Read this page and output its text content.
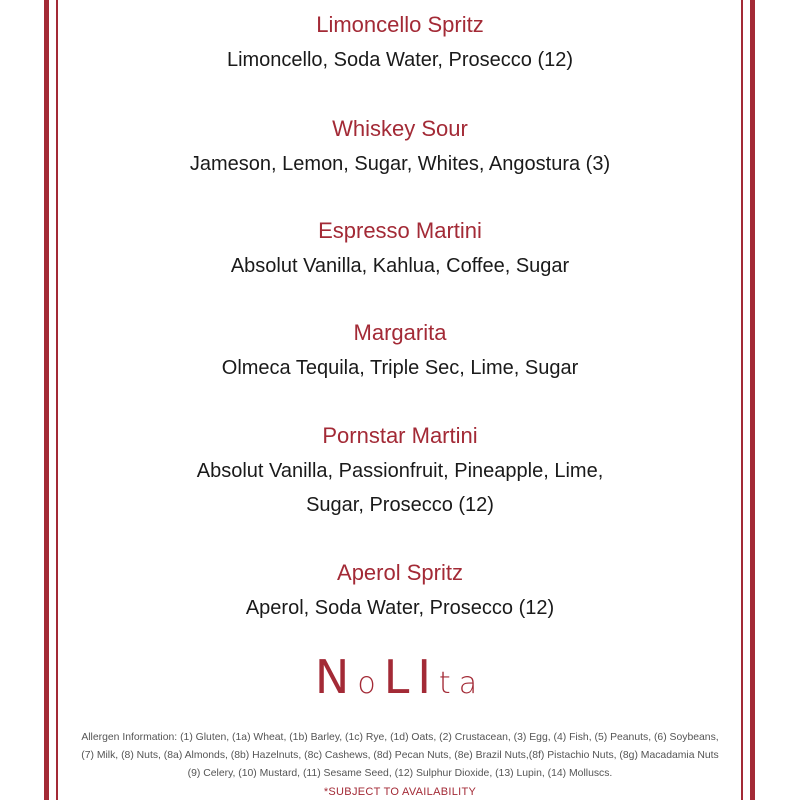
Limoncello Spritz
Limoncello, Soda Water, Prosecco (12)
Whiskey Sour
Jameson, Lemon, Sugar, Whites, Angostura (3)
Espresso Martini
Absolut Vanilla, Kahlua, Coffee, Sugar
Margarita
Olmeca Tequila, Triple Sec, Lime, Sugar
Pornstar Martini
Absolut Vanilla, Passionfruit, Pineapple, Lime,
Sugar, Prosecco (12)
Aperol Spritz
Aperol, Soda Water, Prosecco (12)
NoLIta
Allergen Information: (1) Gluten, (1a) Wheat, (1b) Barley, (1c) Rye, (1d) Oats, (2) Crustacean, (3) Egg, (4) Fish, (5) Peanuts, (6) Soybeans, (7) Milk, (8) Nuts, (8a) Almonds, (8b) Hazelnuts, (8c) Cashews, (8d) Pecan Nuts, (8e) Brazil Nuts,(8f) Pistachio Nuts, (8g) Macadamia Nuts (9) Celery, (10) Mustard, (11) Sesame Seed, (12) Sulphur Dioxide, (13) Lupin, (14) Molluscs.
*SUBJECT TO AVAILABILITY
